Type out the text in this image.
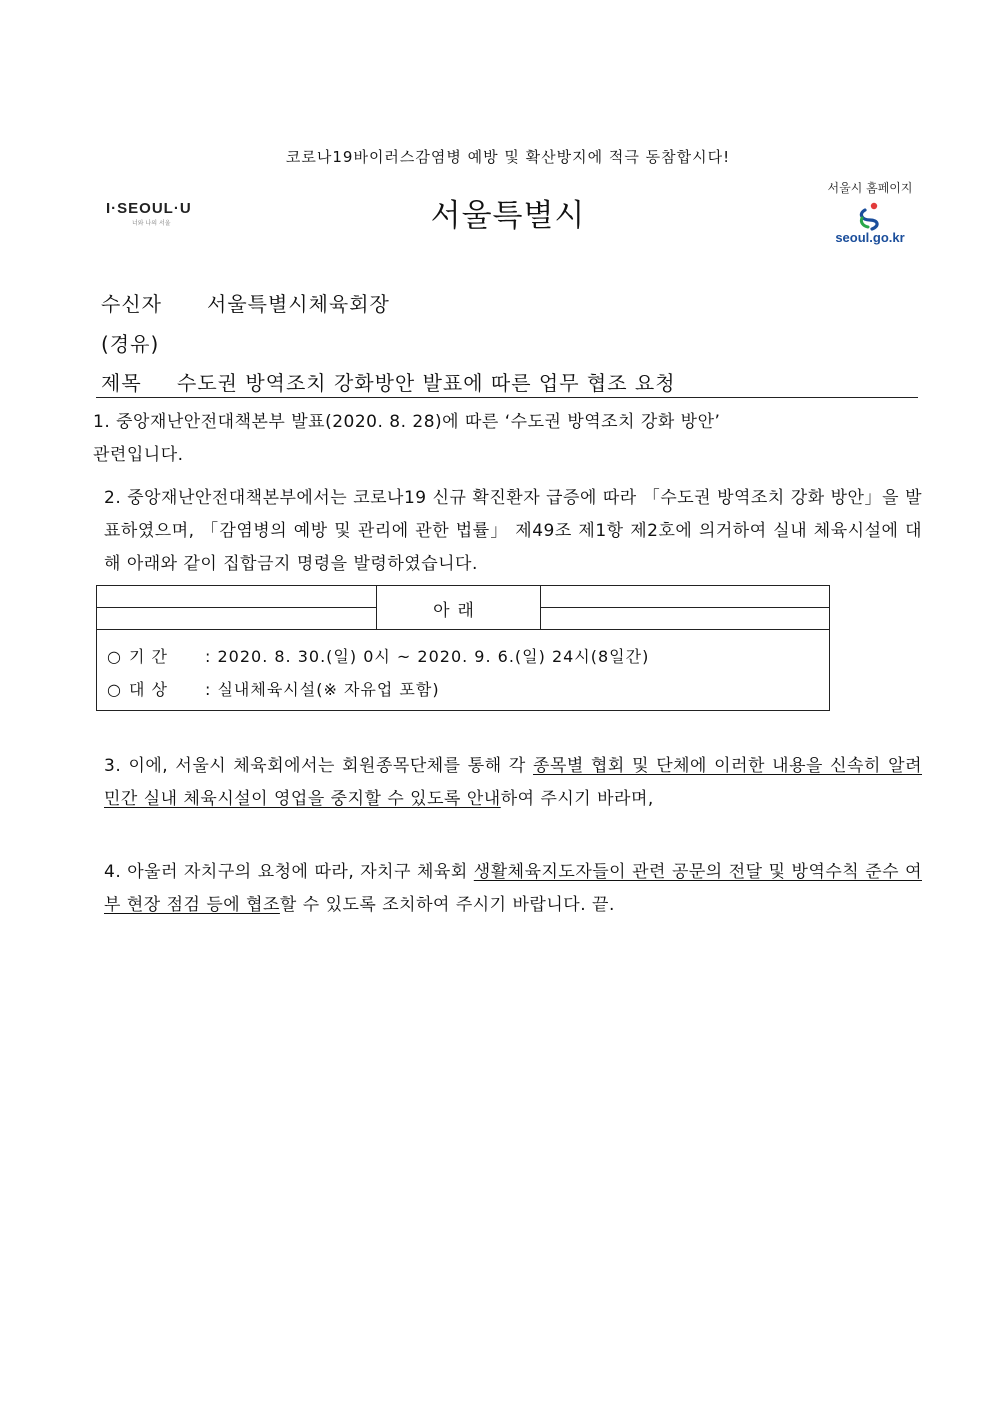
코로나19바이러스감염병 예방 및 확산방지에 적극 동참합시다!
I·SEOUL·U
너와 나의 서울	서울특별시
서울시 홈페이지
seoul.go.kr
수신자 서울특별시체육회장
(경유)
제목 수도권 방역조치 강화방안 발표에 따른 업무 협조 요청
1. 중앙재난안전대책본부 발표(2020. 8. 28)에 따른 ‘수도권 방역조치 강화 방안’
관련입니다.
2. 중앙재난안전대책본부에서는 코로나19 신규 확진환자 급증에 따라 「수도권 방역조치 강화 방안」을 발표하였으며, 「감염병의 예방 및 관리에 관한 법률」 제49조 제1항 제2호에 의거하여 실내 체육시설에 대해 아래와 같이 집합금지 명령을 발령하였습니다.
아래
○ 기 간 : 2020. 8. 30.(일) 0시 ~ 2020. 9. 6.(일) 24시(8일간)
○ 대 상 : 실내체육시설(※ 자유업 포함)
3. 이에, 서울시 체육회에서는 회원종목단체를 통해 각 종목별 협회 및 단체에 이러한 내용을 신속히 알려 민간 실내 체육시설이 영업을 중지할 수 있도록 안내하여 주시기 바라며,
4. 아울러 자치구의 요청에 따라, 자치구 체육회 생활체육지도자들이 관련 공문의 전달 및 방역수칙 준수 여부 현장 점검 등에 협조할 수 있도록 조치하여 주시기 바랍니다. 끝.
